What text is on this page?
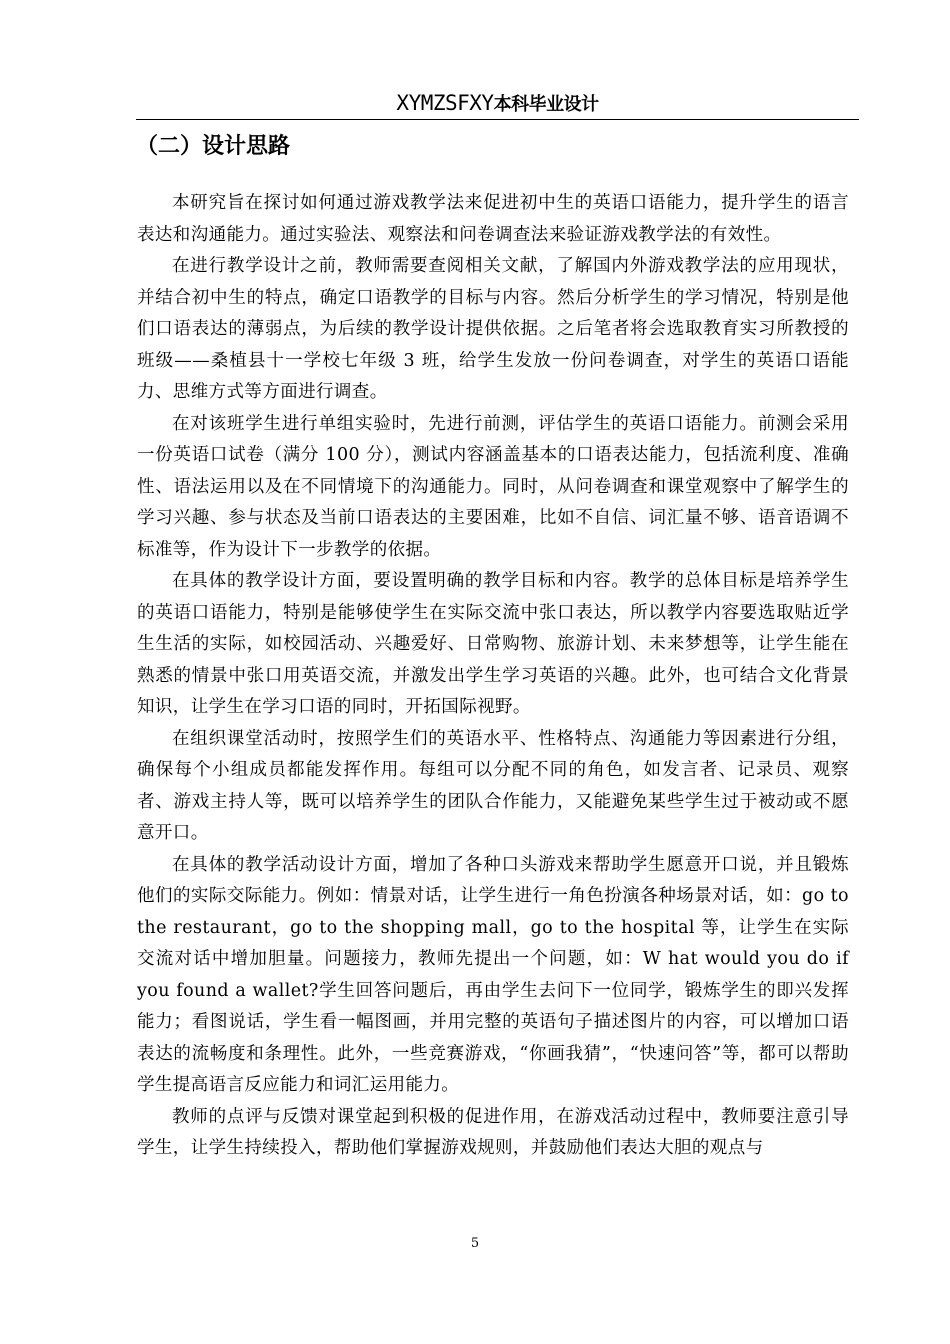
XYMZSFXY本科毕业设计
（二）设计思路

本研究旨在探讨如何通过游戏教学法来促进初中生的英语口语能力，提升学生的语言表达和沟通能力。通过实验法、观察法和问卷调查法来验证游戏教学法的有效性。

在进行教学设计之前，教师需要查阅相关文献，了解国内外游戏教学法的应用现状，并结合初中生的特点，确定口语教学的目标与内容。然后分析学生的学习情况，特别是他们口语表达的薄弱点，为后续的教学设计提供依据。之后笔者将会选取教育实习所教授的班级——桑植县十一学校七年级 3 班，给学生发放一份问卷调查，对学生的英语口语能力、思维方式等方面进行调查。

在对该班学生进行单组实验时，先进行前测，评估学生的英语口语能力。前测会采用一份英语口试卷（满分 100 分），测试内容涵盖基本的口语表达能力，包括流利度、准确性、语法运用以及在不同情境下的沟通能力。同时，从问卷调查和课堂观察中了解学生的学习兴趣、参与状态及当前口语表达的主要困难，比如不自信、词汇量不够、语音语调不标准等，作为设计下一步教学的依据。

在具体的教学设计方面，要设置明确的教学目标和内容。教学的总体目标是培养学生的英语口语能力，特别是能够使学生在实际交流中张口表达，所以教学内容要选取贴近学生生活的实际，如校园活动、兴趣爱好、日常购物、旅游计划、未来梦想等，让学生能在熟悉的情景中张口用英语交流，并激发出学生学习英语的兴趣。此外，也可结合文化背景知识，让学生在学习口语的同时，开拓国际视野。

在组织课堂活动时，按照学生们的英语水平、性格特点、沟通能力等因素进行分组，确保每个小组成员都能发挥作用。每组可以分配不同的角色，如发言者、记录员、观察者、游戏主持人等，既可以培养学生的团队合作能力，又能避免某些学生过于被动或不愿意开口。

在具体的教学活动设计方面，增加了各种口头游戏来帮助学生愿意开口说，并且锻炼他们的实际交际能力。例如：情景对话，让学生进行一角色扮演各种场景对话，如：go to the restaurant，go to the shopping mall，go to the hospital 等，让学生在实际交流对话中增加胆量。问题接力，教师先提出一个问题，如：W hat would you do if you found a wallet?学生回答问题后，再由学生去问下一位同学，锻炼学生的即兴发挥能力；看图说话，学生看一幅图画，并用完整的英语句子描述图片的内容，可以增加口语表达的流畅度和条理性。此外，一些竞赛游戏，“你画我猜”，“快速问答”等，都可以帮助学生提高语言反应能力和词汇运用能力。

教师的点评与反馈对课堂起到积极的促进作用，在游戏活动过程中，教师要注意引导学生，让学生持续投入，帮助他们掌握游戏规则，并鼓励他们表达大胆的观点与

5
